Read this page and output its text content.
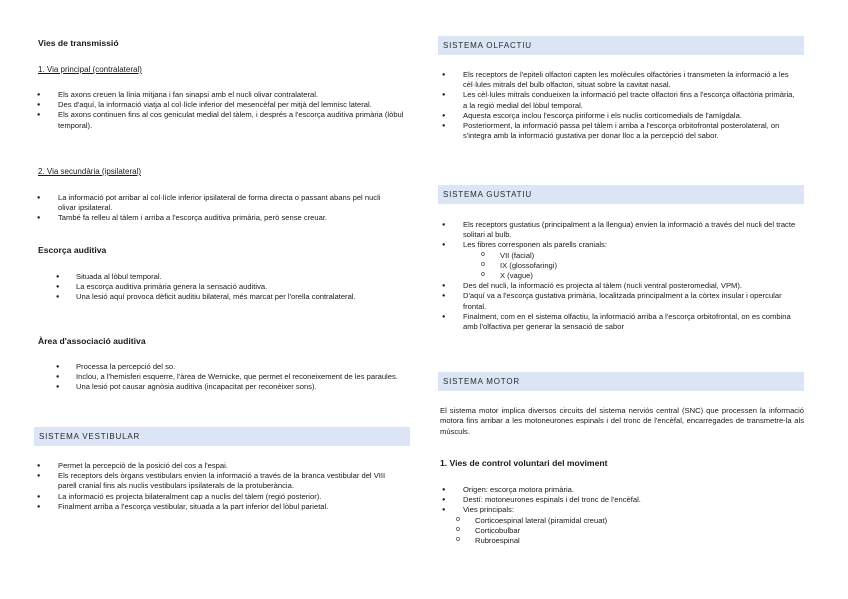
Vies de transmissió
1. Via principal (contralateral)
● Els axons creuen la línia mitjana i fan sinapsi amb el nucli olivar contralateral.
● Des d'aquí, la informació viatja al col·lícle inferior del mesencèfal per mitjà del lemnisc lateral.
● Els axons continuen fins al cos geniculat medial del tàlem, i després a l'escorça auditiva primària (lòbul temporal).
2. Via secundària (ipsilateral)
● La informació pot arribar al col·lícle inferior ipsilateral de forma directa o passant abans pel nucli olivar ipsilateral.
● També fa relleu al tàlem i arriba a l'escorça auditiva primària, però sense creuar.
Escorça auditiva
● Situada al lòbul temporal.
● La escorça auditiva primària genera la sensació auditiva.
● Una lesió aquí provoca dèficit auditiu bilateral, més marcat per l'orella contralateral.
Àrea d'associació auditiva
● Processa la percepció del so.
● Inclou, a l'hemisferi esquerre, l'àrea de Wernicke, que permet el reconeixement de les paraules.
● Una lesió pot causar agnòsia auditiva (incapacitat per reconèixer sons).
SISTEMA VESTIBULAR
● Permet la percepció de la posició del cos a l'espai.
● Els receptors dels òrgans vestibulars envien la informació a través de la branca vestibular del VIII parell cranial fins als nuclis vestibulars ipsilaterals de la protuberància.
● La informació es projecta bilateralment cap a nuclis del tàlem (regió posterior).
● Finalment arriba a l'escorça vestibular, situada a la part inferior del lòbul parietal.
SISTEMA OLFACTIU
● Els receptors de l'epiteli olfactori capten les molècules olfactòries i transmeten la informació a les cèl·lules mitrals del bulb olfactori, situat sobre la cavitat nasal.
● Les cèl·lules mitrals condueixen la informació pel tracte olfactori fins a l'escorça olfactòria primària, a la regió medial del lòbul temporal.
● Aquesta escorça inclou l'escorça piriforme i els nuclis corticomedials de l'amígdala.
● Posteriorment, la informació passa pel tàlem i arriba a l'escorça orbitofrontal posterolateral, on s'integra amb la informació gustativa per donar lloc a la percepció del sabor.
SISTEMA GUSTATIU
● Els receptors gustatius (principalment a la llengua) envien la informació a través del nucli del tracte solitari al bulb.
● Les fibres corresponen als parells cranials:
o VII (facial)
o IX (glossofaringi)
o X (vague)
● Des del nucli, la informació es projecta al tàlem (nucli ventral posteromedial, VPM).
● D'aquí va a l'escorça gustativa primària, localitzada principalment a la còrtex insular i opercular frontal.
● Finalment, com en el sistema olfactiu, la informació arriba a l'escorça orbitofrontal, on es combina amb l'olfactiva per generar la sensació de sabor
SISTEMA MOTOR

El sistema motor implica diversos circuits del sistema nerviós central (SNC) que processen la informació motora fins arribar a les motoneurones espinals i del tronc de l'encèfal, encarregades de transmetre-la als músculs.

1. Vies de control voluntari del moviment
● Origen: escorça motora primària.
● Destí: motoneurones espinals i del tronc de l'encèfal.
● Vies principals:
o Corticoespinal lateral (piramidal creuat)
o Corticobulbar
o Rubroespinal
